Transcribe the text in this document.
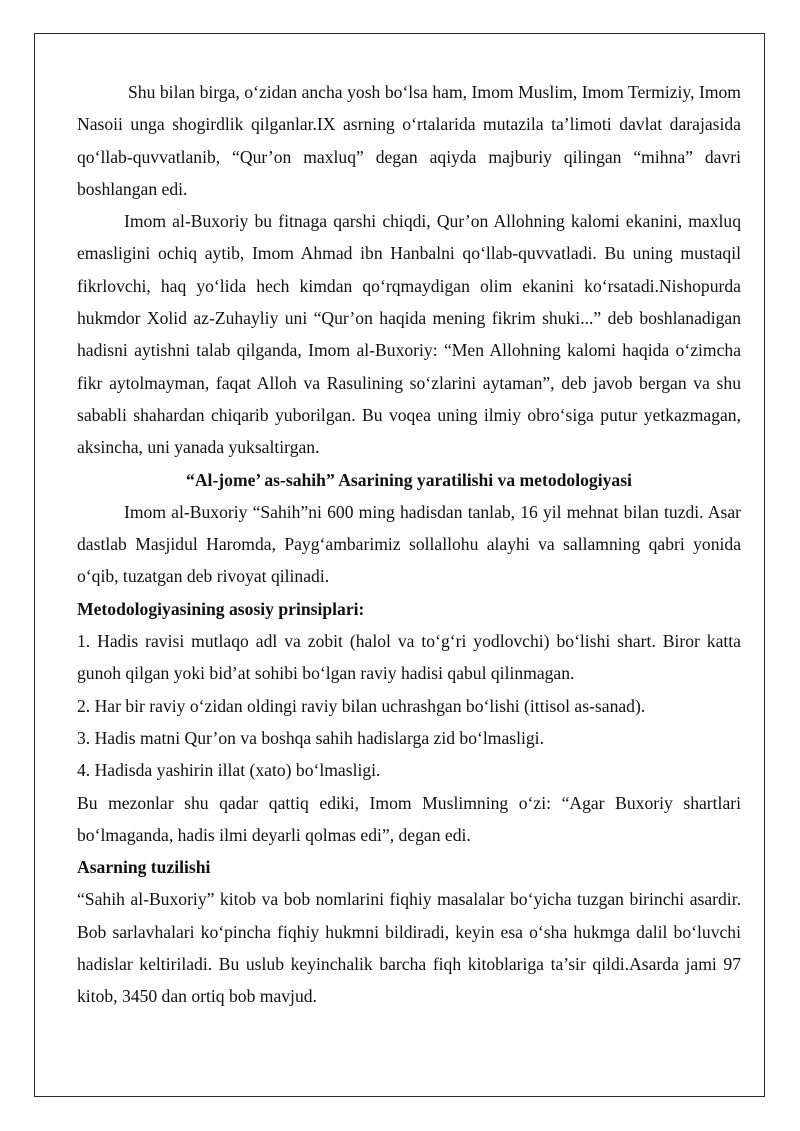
Shu bilan birga, o‘zidan ancha yosh bo‘lsa ham, Imom Muslim, Imom Termiziy, Imom Nasoii unga shogirdlik qilganlar.IX asrning o‘rtalarida mutazila ta’limoti davlat darajasida qo‘llab-quvvatlanib, “Qur’on maxluq” degan aqiyda majburiy qilingan “mihna” davri boshlangan edi.

Imom al-Buxoriy bu fitnaga qarshi chiqdi, Qur’on Allohning kalomi ekanini, maxluq emasligini ochiq aytib, Imom Ahmad ibn Hanbalni qo‘llab-quvvatladi. Bu uning mustaqil fikrlovchi, haq yo‘lida hech kimdan qo‘rqmaydigan olim ekanini ko‘rsatadi.Nishopurda hukmdor Xolid az-Zuhayliy uni “Qur’on haqida mening fikrim shuki...” deb boshlanadigan hadisni aytishni talab qilganda, Imom al-Buxoriy: “Men Allohning kalomi haqida o‘zimcha fikr aytolmayman, faqat Alloh va Rasulining so‘zlarini aytaman”, deb javob bergan va shu sababli shahardan chiqarib yuborilgan. Bu voqea uning ilmiy obro‘siga putur yetkazmagan, aksincha, uni yanada yuksaltirgan.

“Al-jome’ as-sahih” Asarining yaratilishi va metodologiyasi

Imom al-Buxoriy “Sahih”ni 600 ming hadisdan tanlab, 16 yil mehnat bilan tuzdi. Asar dastlab Masjidul Haromda, Payg‘ambarimiz sollallohu alayhi va sallamning qabri yonida o‘qib, tuzatgan deb rivoyat qilinadi.

Metodologiyasining asosiy prinsiplari:

1. Hadis ravisi mutlaqo adl va zobit (halol va to‘g‘ri yodlovchi) bo‘lishi shart. Biror katta gunoh qilgan yoki bid’at sohibi bo‘lgan raviy hadisi qabul qilinmagan.

2. Har bir raviy o‘zidan oldingi raviy bilan uchrashgan bo‘lishi (ittisol as-sanad).

3. Hadis matni Qur’on va boshqa sahih hadislarga zid bo‘lmasligi.

4. Hadisda yashirin illat (xato) bo‘lmasligi.

Bu mezonlar shu qadar qattiq ediki, Imom Muslimning o‘zi: “Agar Buxoriy shartlari bo‘lmaganda, hadis ilmi deyarli qolmas edi”, degan edi.

Asarning tuzilishi

“Sahih al-Buxoriy” kitob va bob nomlarini fiqhiy masalalar bo‘yicha tuzgan birinchi asardir. Bob sarlavhalari ko‘pincha fiqhiy hukmni bildiradi, keyin esa o‘sha hukmga dalil bo‘luvchi hadislar keltiriladi. Bu uslub keyinchalik barcha fiqh kitoblariga ta’sir qildi.Asarda jami 97 kitob, 3450 dan ortiq bob mavjud.
